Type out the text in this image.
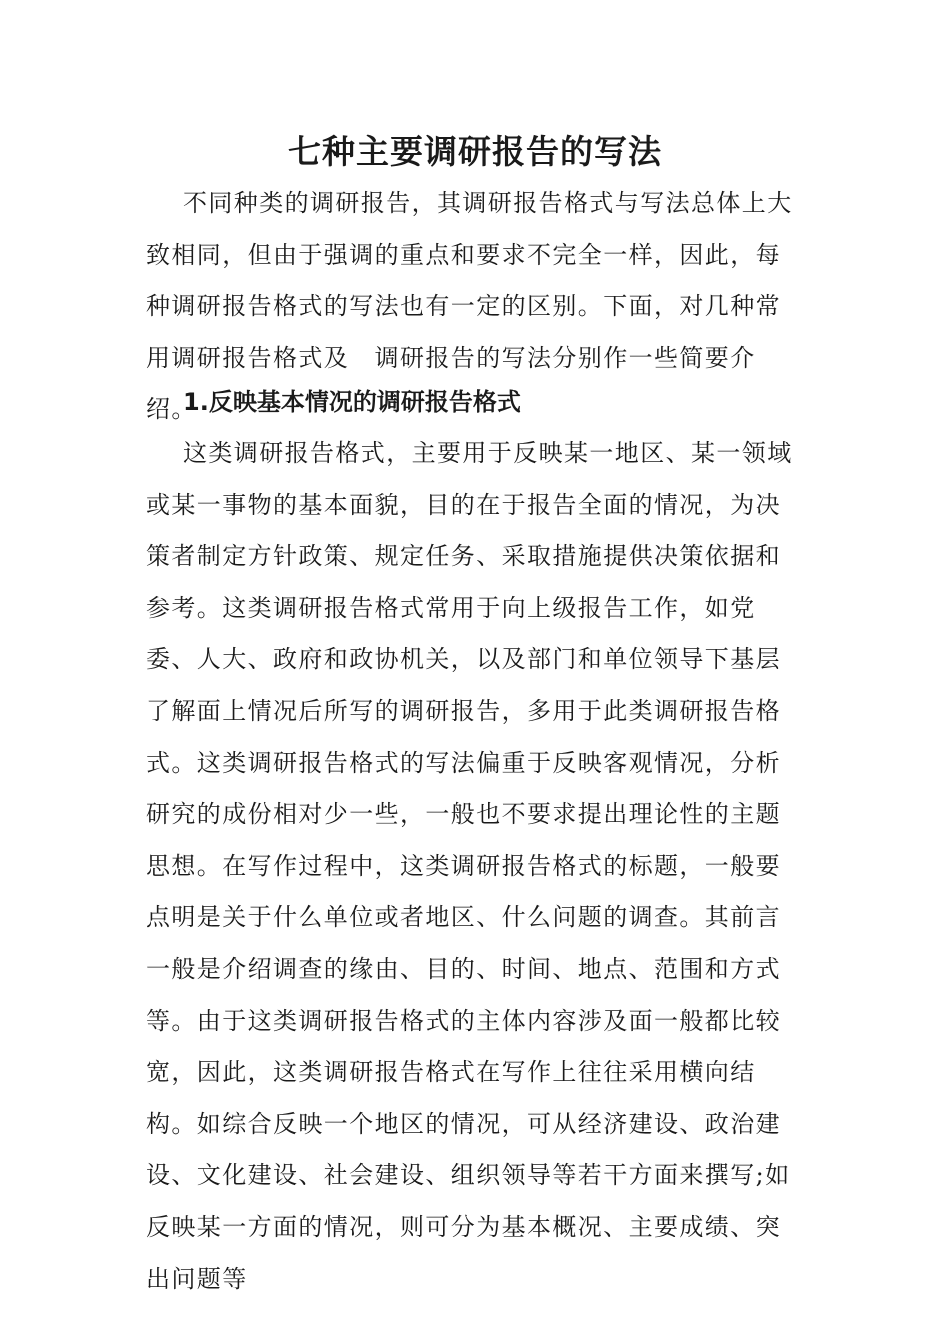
七种主要调研报告的写法

不同种类的调研报告，其调研报告格式与写法总体上大致相同，但由于强调的重点和要求不完全一样，因此，每种调研报告格式的写法也有一定的区别。下面，对几种常用调研报告格式及　调研报告的写法分别作一些简要介绍。

1.反映基本情况的调研报告格式

这类调研报告格式，主要用于反映某一地区、某一领域或某一事物的基本面貌，目的在于报告全面的情况，为决策者制定方针政策、规定任务、采取措施提供决策依据和参考。这类调研报告格式常用于向上级报告工作，如党委、人大、政府和政协机关，以及部门和单位领导下基层了解面上情况后所写的调研报告，多用于此类调研报告格式。这类调研报告格式的写法偏重于反映客观情况，分析研究的成份相对少一些，一般也不要求提出理论性的主题思想。在写作过程中，这类调研报告格式的标题，一般要点明是关于什么单位或者地区、什么问题的调查。其前言一般是介绍调查的缘由、目的、时间、地点、范围和方式等。由于这类调研报告格式的主体内容涉及面一般都比较宽，因此，这类调研报告格式在写作上往往采用横向结构。如综合反映一个地区的情况，可从经济建设、政治建设、文化建设、社会建设、组织领导等若干方面来撰写;如反映某一方面的情况，则可分为基本概况、主要成绩、突出问题等
